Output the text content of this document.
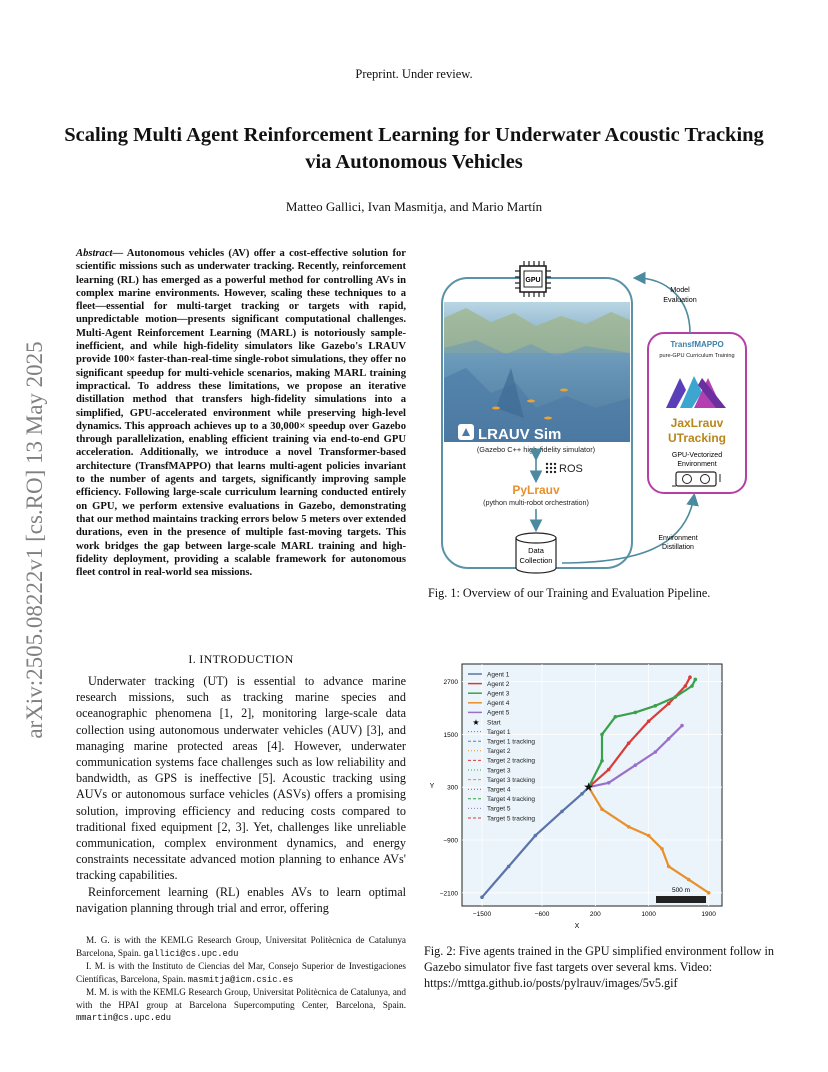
Preprint. Under review.
Scaling Multi Agent Reinforcement Learning for Underwater Acoustic Tracking via Autonomous Vehicles
Matteo Gallici, Ivan Masmitja, and Mario Martín
arXiv:2505.08222v1 [cs.RO] 13 May 2025
Abstract— Autonomous vehicles (AV) offer a cost-effective solution for scientific missions such as underwater tracking. Recently, reinforcement learning (RL) has emerged as a powerful method for controlling AVs in complex marine environments. However, scaling these techniques to a fleet—essential for multi-target tracking or targets with rapid, unpredictable motion—presents significant computational challenges. Multi-Agent Reinforcement Learning (MARL) is notoriously sample-inefficient, and while high-fidelity simulators like Gazebo's LRAUV provide 100× faster-than-real-time single-robot simulations, they offer no significant speedup for multi-vehicle scenarios, making MARL training impractical. To address these limitations, we propose an iterative distillation method that transfers high-fidelity simulations into a simplified, GPU-accelerated environment while preserving high-level dynamics. This approach achieves up to a 30,000× speedup over Gazebo through parallelization, enabling efficient training via end-to-end GPU acceleration. Additionally, we introduce a novel Transformer-based architecture (TransfMAPPO) that learns multi-agent policies invariant to the number of agents and targets, significantly improving sample efficiency. Following large-scale curriculum learning conducted entirely on GPU, we perform extensive evaluations in Gazebo, demonstrating that our method maintains tracking errors below 5 meters over extended durations, even in the presence of multiple fast-moving targets. This work bridges the gap between large-scale MARL training and high-fidelity deployment, providing a scalable framework for autonomous fleet control in real-world sea missions.
I. INTRODUCTION

Underwater tracking (UT) is essential to advance marine research missions, such as tracking marine species and oceanographic phenomena [1, 2], monitoring large-scale data collection using autonomous underwater vehicles (AUV) [3], and managing marine protected areas [4]. However, underwater communication systems face challenges such as low reliability and bandwidth, as GPS is ineffective [5]. Acoustic tracking using AUVs or autonomous surface vehicles (ASVs) offers a promising solution, improving efficiency and reducing costs compared to traditional fixed equipment [2, 3]. Yet, challenges like unreliable communication, complex environment dynamics, and energy constraints necessitate advanced motion planning to enhance AVs' tracking capabilities.

Reinforcement learning (RL) enables AVs to learn optimal navigation planning through trial and error, offering

M. G. is with the KEMLG Research Group, Universitat Politècnica de Catalunya Barcelona, Spain. gallici@cs.upc.edu

I. M. is with the Instituto de Ciencias del Mar, Consejo Superior de Investigaciones Científicas, Barcelona, Spain. masmitja@icm.csic.es

M. M. is with the KEMLG Research Group, Universitat Politècnica de Catalunya, and with the HPAI group at Barcelona Supercomputing Center, Barcelona, Spain. mmartin@cs.upc.edu

GPU
LRAUV Sim
(Gazebo C++ high-fidelity simulator)
ROS
PyLrauv
(python multi-robot orchestration)
Data
Collection
TransfMAPPO
pure-GPU Curriculum Training
JaxLrauv
UTracking
GPU-Vectorized
Environment
Model
Evaluation
Environment
Distillation
Fig. 1: Overview of our Training and Evaluation Pipeline.
★
−1500	−600	200	1000	1900
2700
1500
300
−900
−2100
X
Y
500 m
Agent 1
Agent 2
Agent 3
Agent 4
Agent 5
★ Start
Target 1
Target 1 tracking
Target 2
Target 2 tracking
Target 3
Target 3 tracking
Target 4
Target 4 tracking
Target 5
Target 5 tracking
Fig. 2: Five agents trained in the GPU simplified environment follow in Gazebo simulator five fast targets over several kms. Video: https://mttga.github.io/posts/pylrauv/images/5v5.gif
